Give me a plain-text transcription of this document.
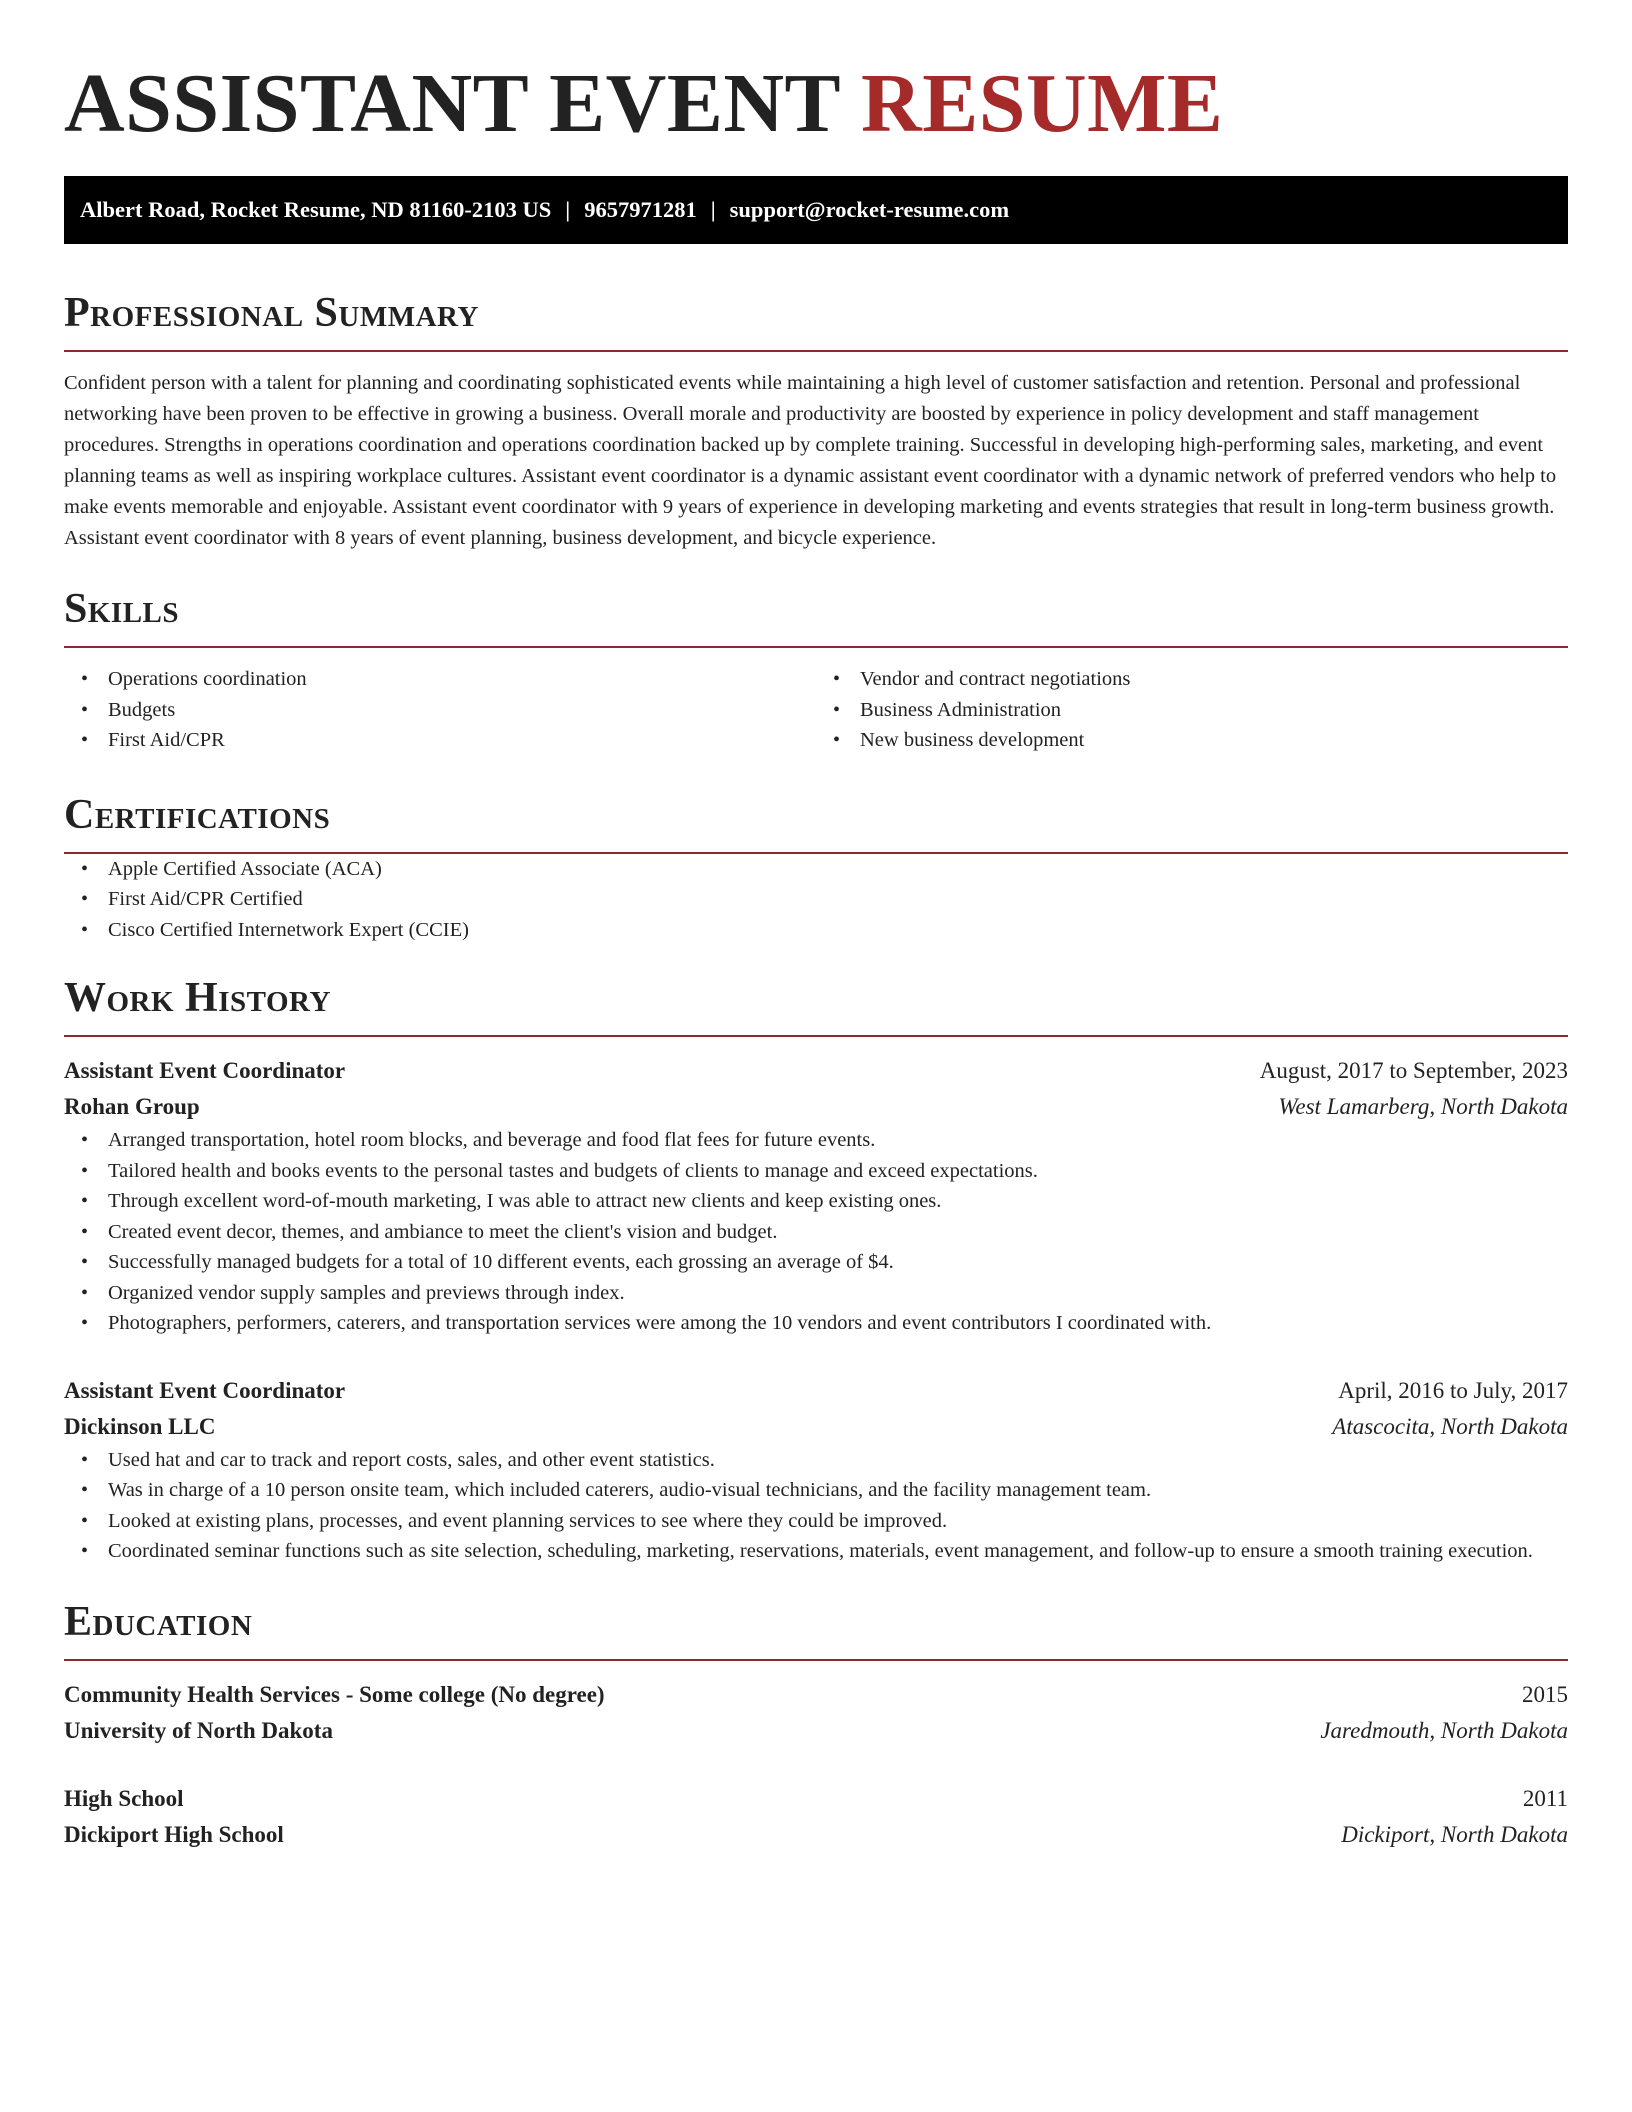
ASSISTANT EVENT RESUME
Albert Road, Rocket Resume, ND 81160-2103 US | 9657971281 | support@rocket-resume.com
Professional Summary

Confident person with a talent for planning and coordinating sophisticated events while maintaining a high level of customer satisfaction and retention. Personal and professional networking have been proven to be effective in growing a business. Overall morale and productivity are boosted by experience in policy development and staff management procedures. Strengths in operations coordination and operations coordination backed up by complete training. Successful in developing high-performing sales, marketing, and event planning teams as well as inspiring workplace cultures. Assistant event coordinator is a dynamic assistant event coordinator with a dynamic network of preferred vendors who help to make events memorable and enjoyable. Assistant event coordinator with 9 years of experience in developing marketing and events strategies that result in long-term business growth. Assistant event coordinator with 8 years of event planning, business development, and bicycle experience.

Skills
• Operations coordination
• Budgets
• First Aid/CPR
• Vendor and contract negotiations
• Business Administration
• New business development
Certifications
• Apple Certified Associate (ACA)
• First Aid/CPR Certified
• Cisco Certified Internetwork Expert (CCIE)
Work History
Assistant Event Coordinator	August, 2017 to September, 2023
Rohan Group	West Lamarberg, North Dakota
• Arranged transportation, hotel room blocks, and beverage and food flat fees for future events.
• Tailored health and books events to the personal tastes and budgets of clients to manage and exceed expectations.
• Through excellent word-of-mouth marketing, I was able to attract new clients and keep existing ones.
• Created event decor, themes, and ambiance to meet the client's vision and budget.
• Successfully managed budgets for a total of 10 different events, each grossing an average of $4.
• Organized vendor supply samples and previews through index.
• Photographers, performers, caterers, and transportation services were among the 10 vendors and event contributors I coordinated with.
Assistant Event Coordinator	April, 2016 to July, 2017
Dickinson LLC	Atascocita, North Dakota
• Used hat and car to track and report costs, sales, and other event statistics.
• Was in charge of a 10 person onsite team, which included caterers, audio-visual technicians, and the facility management team.
• Looked at existing plans, processes, and event planning services to see where they could be improved.
• Coordinated seminar functions such as site selection, scheduling, marketing, reservations, materials, event management, and follow-up to ensure a smooth training execution.
Education
Community Health Services - Some college (No degree)	2015
University of North Dakota	Jaredmouth, North Dakota
High School	2011
Dickiport High School	Dickiport, North Dakota
